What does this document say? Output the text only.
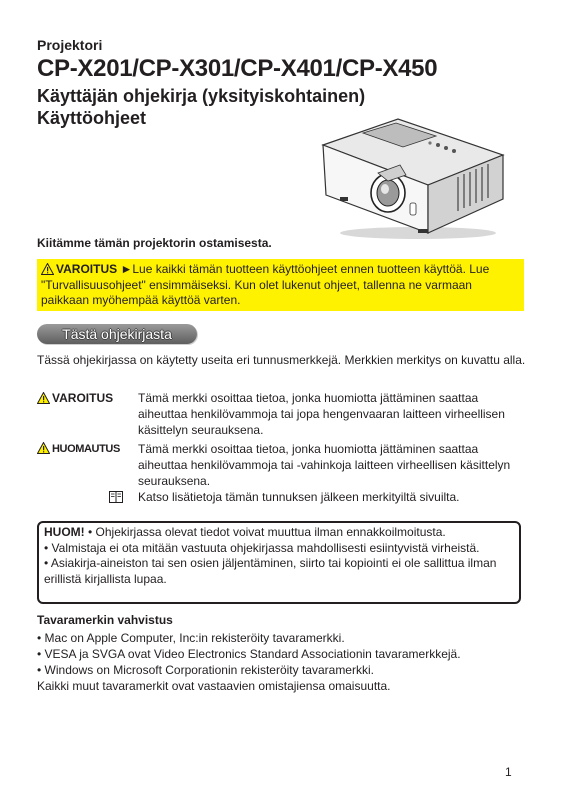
Projektori
CP-X201/CP-X301/CP-X401/CP-X450
Käyttäjän ohjekirja (yksityiskohtainen)
Käyttöohjeet
Kiitämme tämän projektorin ostamisesta.
VAROITUS ►Lue kaikki tämän tuotteen käyttöohjeet ennen tuotteen käyttöä. Lue "Turvallisuusohjeet" ensimmäiseksi. Kun olet lukenut ohjeet, tallenna ne varmaan paikkaan myöhempää käyttöä varten.
Tästä ohjekirjasta
Tässä ohjekirjassa on käytetty useita eri tunnusmerkkejä. Merkkien merkitys on kuvattu alla.
VAROITUS Tämä merkki osoittaa tietoa, jonka huomiotta jättäminen saattaa aiheuttaa henkilövammoja tai jopa hengenvaaran laitteen virheellisen käsittelyn seurauksena.
HUOMAUTUS Tämä merkki osoittaa tietoa, jonka huomiotta jättäminen saattaa aiheuttaa henkilövammoja tai -vahinkoja laitteen virheellisen käsittelyn seurauksena.
Katso lisätietoja tämän tunnuksen jälkeen merkityiltä sivuilta.
HUOM! • Ohjekirjassa olevat tiedot voivat muuttua ilman ennakkoilmoitusta.
• Valmistaja ei ota mitään vastuuta ohjekirjassa mahdollisesti esiintyvistä virheistä.
• Asiakirja-aineiston tai sen osien jäljentäminen, siirto tai kopiointi ei ole sallittua ilman erillistä kirjallista lupaa.
Tavaramerkin vahvistus
• Mac on Apple Computer, Inc:in rekisteröity tavaramerkki.
• VESA ja SVGA ovat Video Electronics Standard Associationin tavaramerkkejä.
• Windows on Microsoft Corporationin rekisteröity tavaramerkki.
Kaikki muut tavaramerkit ovat vastaavien omistajiensa omaisuutta.
1
